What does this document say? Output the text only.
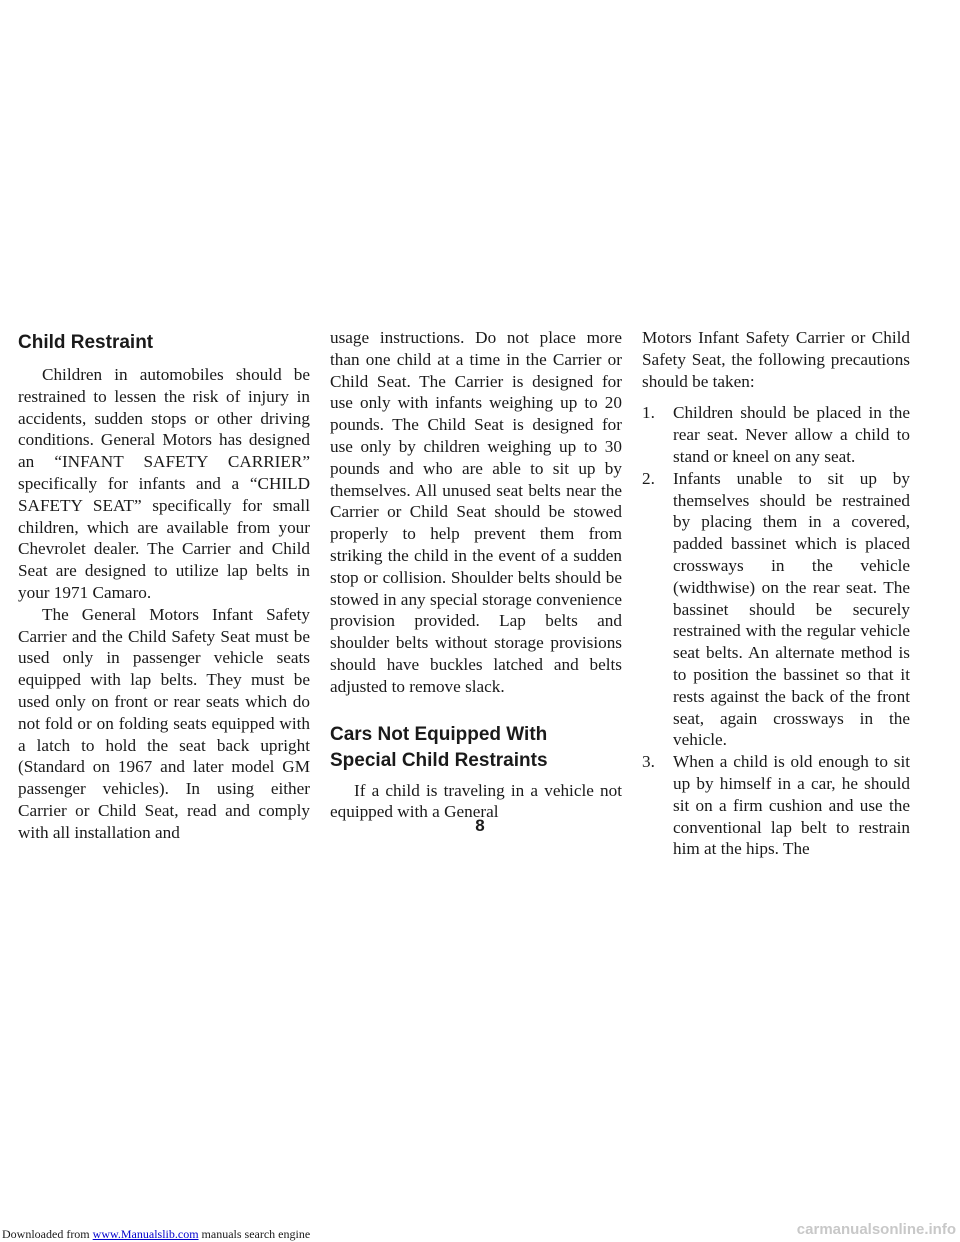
Child Restraint

Children in automobiles should be restrained to lessen the risk of injury in accidents, sudden stops or other driving conditions. General Motors has designed an “INFANT SAFETY CARRIER” specifically for infants and a “CHILD SAFETY SEAT” specifically for small children, which are available from your Chevrolet dealer. The Carrier and Child Seat are designed to utilize lap belts in your 1971 Camaro.

The General Motors Infant Safety Carrier and the Child Safety Seat must be used only in passenger vehicle seats equipped with lap belts. They must be used only on front or rear seats which do not fold or on folding seats equipped with a latch to hold the seat back upright (Standard on 1967 and later model GM passenger vehicles). In using either Carrier or Child Seat, read and comply with all installation and

usage instructions. Do not place more than one child at a time in the Carrier or Child Seat. The Carrier is designed for use only with infants weighing up to 20 pounds. The Child Seat is designed for use only by children weighing up to 30 pounds and who are able to sit up by themselves. All unused seat belts near the Carrier or Child Seat should be stowed properly to help prevent them from striking the child in the event of a sudden stop or collision. Shoulder belts should be stowed in any special storage convenience provision provided. Lap belts and shoulder belts without storage provisions should have buckles latched and belts adjusted to remove slack.

Cars Not Equipped With
Special Child Restraints

If a child is traveling in a vehicle not equipped with a General

Motors Infant Safety Carrier or Child Safety Seat, the following precautions should be taken:

1. Children should be placed in the rear seat. Never allow a child to stand or kneel on any seat.
2. Infants unable to sit up by themselves should be restrained by placing them in a covered, padded bassinet which is placed crossways in the vehicle (widthwise) on the rear seat. The bassinet should be securely restrained with the regular vehicle seat belts. An alternate method is to position the bassinet so that it rests against the back of the front seat, again crossways in the vehicle.
3. When a child is old enough to sit up by himself in a car, he should sit on a firm cushion and use the conventional lap belt to restrain him at the hips. The
8
Downloaded from www.Manualslib.com manuals search engine	carmanualsonline.info
